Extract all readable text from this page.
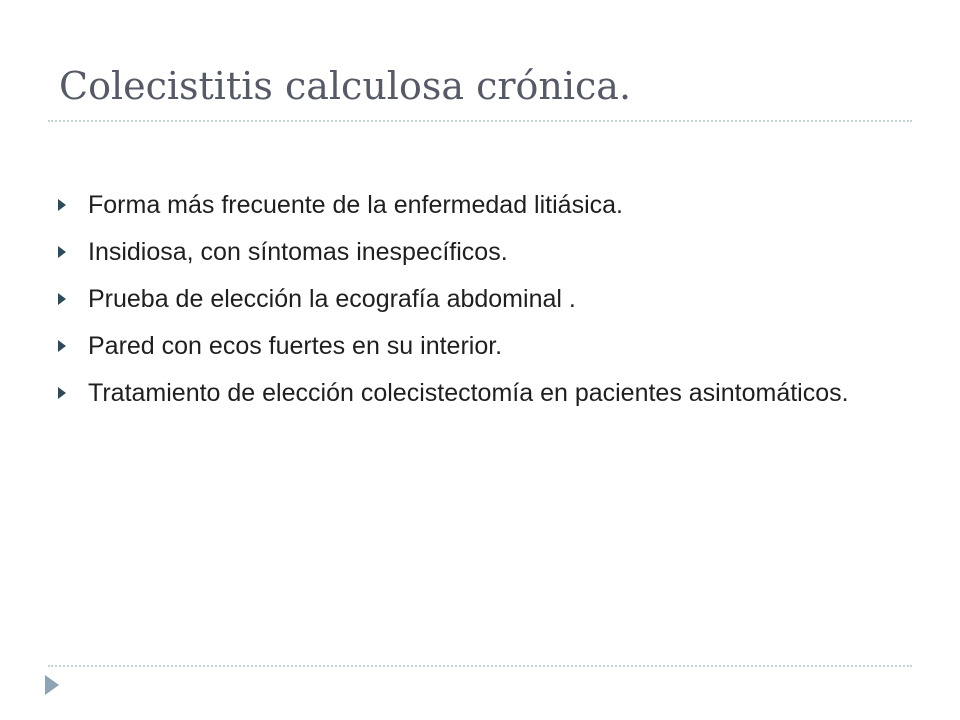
Colecistitis calculosa crónica.
Forma más frecuente de la enfermedad litiásica.
Insidiosa, con síntomas inespecíficos.
Prueba de elección la ecografía abdominal .
Pared con ecos fuertes en su interior.
Tratamiento de elección colecistectomía en pacientes asintomáticos.
